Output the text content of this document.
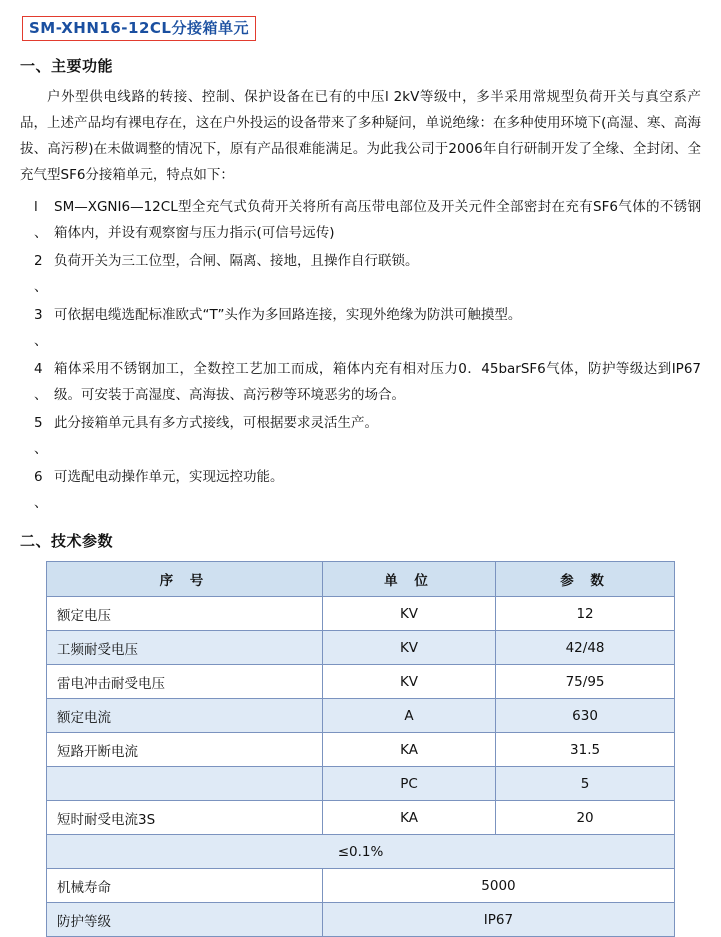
SM-XHN16-12CL分接箱单元
一、主要功能

户外型供电线路的转接、控制、保护设备在已有的中压l 2kV等级中，多半采用常规型负荷开关与真空系产品，上述产品均有裸电存在，这在户外投运的设备带来了多种疑问，单说绝缘：在多种使用环境下(高湿、寒、高海拔、高污秽)在未做调整的情况下，原有产品很难能满足。为此我公司于2006年自行研制开发了全缘、全封闭、全充气型SF6分接箱单元，特点如下：

l 、
SM—XGNI6—12CL型全充气式负荷开关将所有高压带电部位及开关元件全部密封在充有SF6气体的不锈钢箱体内，并设有观察窗与压力指示(可信号远传)
2 、
负荷开关为三工位型，合闸、隔离、接地，且操作自行联锁。
3 、
可依据电缆选配标准欧式“T”头作为多回路连接，实现外绝缘为防洪可触摸型。
4 、
箱体采用不锈钢加工，全数控工艺加工而成，箱体内充有相对压力0．45barSF6气体，防护等级达到IP67级。可安装于高湿度、高海拔、高污秽等环境恶劣的场合。
5 、
此分接箱单元具有多方式接线，可根据要求灵活生产。
6 、
可选配电动操作单元，实现远控功能。
二、技术参数
序 号	单 位	参 数
额定电压	KV	12
工频耐受电压	KV	42/48
雷电冲击耐受电压	KV	75/95
额定电流	A	630
短路开断电流	KA	31.5
	PC	5
短时耐受电流3S	KA	20
≤0.1%		
机械寿命	5000	
防护等级	IP67	
